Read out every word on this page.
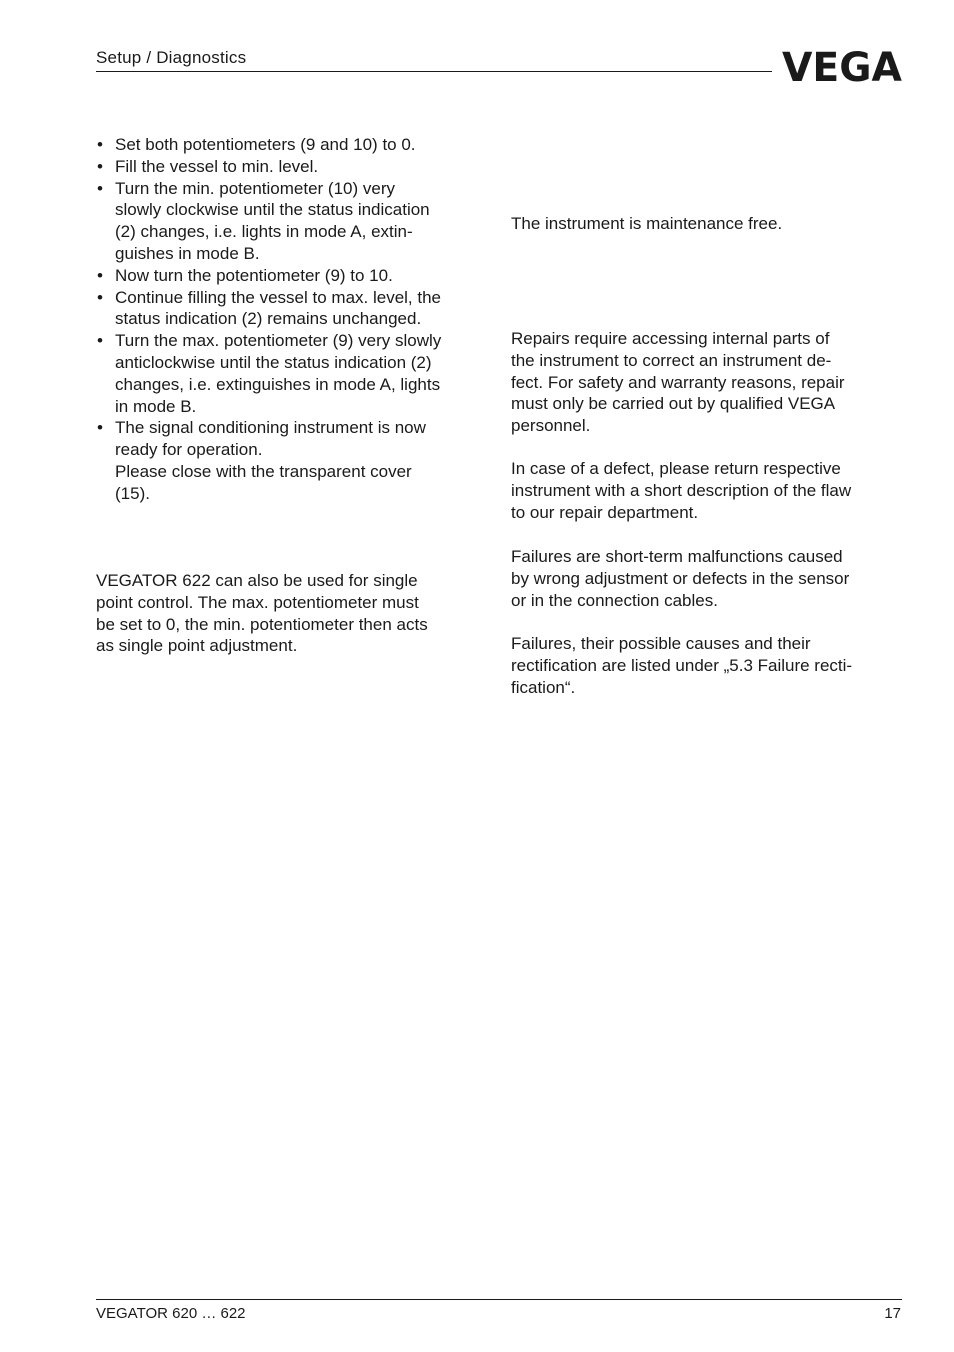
Setup / Diagnostics	VEGA
• Set both potentiometers (9 and 10) to 0.
• Fill the vessel to min. level.
• Turn the min. potentiometer (10) very
slowly clockwise until the status indication
(2) changes, i.e. lights in mode A, extin-
guishes in mode B.
• Now turn the potentiometer (9) to 10.
• Continue filling the vessel to max. level, the
status indication (2) remains unchanged.
• Turn the max. potentiometer (9) very slowly
anticlockwise until the status indication (2)
changes, i.e. extinguishes in mode A, lights
in mode B.
• The signal conditioning instrument is now
ready for operation.
Please close with the transparent cover
(15).
VEGATOR 622 can also be used for single
point control. The max. potentiometer must
be set to 0, the min. potentiometer then acts
as single point adjustment.
The instrument is maintenance free.
Repairs require accessing internal parts of
the instrument to correct an instrument de-
fect. For safety and warranty reasons, repair
must only be carried out by qualified VEGA
personnel.
In case of a defect, please return respective
instrument with a short description of the flaw
to our repair department.
Failures are short-term malfunctions caused
by wrong adjustment or defects in the sensor
or in the connection cables.
Failures, their possible causes and their
rectification are listed under „5.3 Failure recti-
fication“.
VEGATOR 620 … 622	17
